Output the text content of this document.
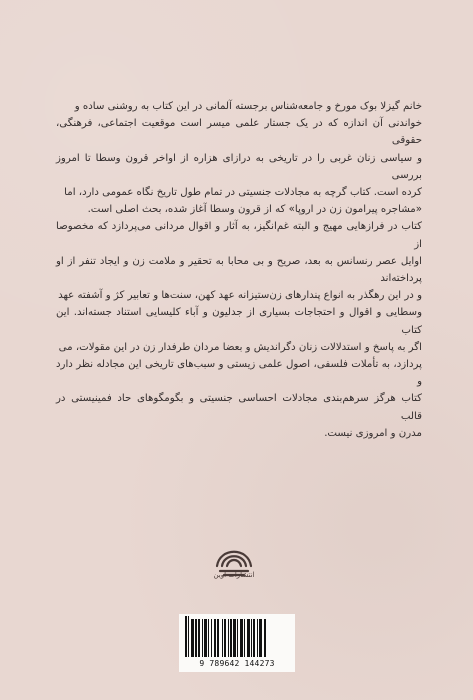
خانم گیزلا بوک مورخ و جامعه‌شناس برجسته آلمانی در این کتاب به روشنی ساده و

خواندنی آن اندازه که در یک جستار علمی میسر است موقعیت اجتماعی، فرهنگی، حقوقی

و سیاسی زنان غربی را در تاریخی به درازای هزاره از اواخر قرون وسطا تا امروز بررسی

کرده است. کتاب گرچه به مجادلات جنسیتی در تمام طول تاریخ نگاه عمومی دارد، اما

«مشاجره پیرامون زن در اروپا» که از قرون وسطا آغاز شده، بحث اصلی است.

کتاب در فرازهایی مهیج و البته غم‌انگیز، به آثار و اقوال مردانی می‌پردازد که مخصوصا از

اوایل عصر رنسانس به بعد، صریح و بی محابا به تحقیر و ملامت زن و ایجاد تنفر از او پرداخته‌اند

و در این رهگذر به انواع پندارهای زن‌ستیزانه عهد کهن، سنت‌ها و تعابیر کژ و آشفته عهد

وسطایی و اقوال و احتجاجات بسیاری از جدلیون و آباء کلیسایی استناد جسته‌اند. این کتاب

اگر به پاسخ و استدلالات زنان دگراندیش و بعضا مردان طرفدار زن در این مقولات، می

پردازد، به تأملات فلسفی، اصول علمی زیستی و سبب‌های تاریخی این مجادله نظر دارد و

کتاب هرگز سرهم‌بندی مجادلات احساسی جنسیتی و بگومگوهای حاد فمینیستی در قالب

مدرن و امروزی نیست.

انتشارات آوین
9 789642 144273
